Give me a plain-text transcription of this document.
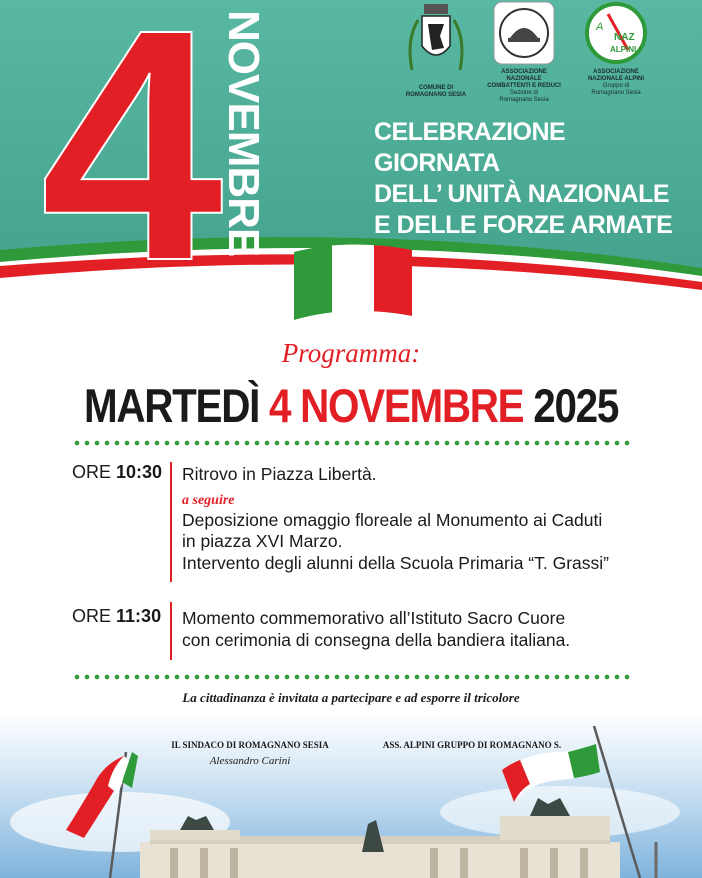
4 NOVEMBRE 2025
COMUNE DI
ROMAGNANO SESIA
ASSOCIAZIONE
NAZIONALE
COMBATTENTI E REDUCI
Sezione di
Romagnano Sesia
A
NAZ
ALPINI
ASSOCIAZIONE
NAZIONALE ALPINI
Gruppo di
Romagnano Sesia
CELEBRAZIONE GIORNATA
DELL’ UNITÀ NAZIONALE
E DELLE FORZE ARMATE
Programma:
MARTEDÌ 4 NOVEMBRE 2025
ORE 10:30 Ritrovo in Piazza Libertà.
a seguire
Deposizione omaggio floreale al Monumento ai Caduti
in piazza XVI Marzo.
Intervento degli alunni della Scuola Primaria “T. Grassi”
ORE 11:30	Momento commemorativo all’Istituto Sacro Cuore
con cerimonia di consegna della bandiera italiana.
La cittadinanza è invitata a partecipare e ad esporre il tricolore
IL SINDACO DI ROMAGNANO SESIA
Alessandro Carini
ASS. ALPINI GRUPPO DI ROMAGNANO S.
